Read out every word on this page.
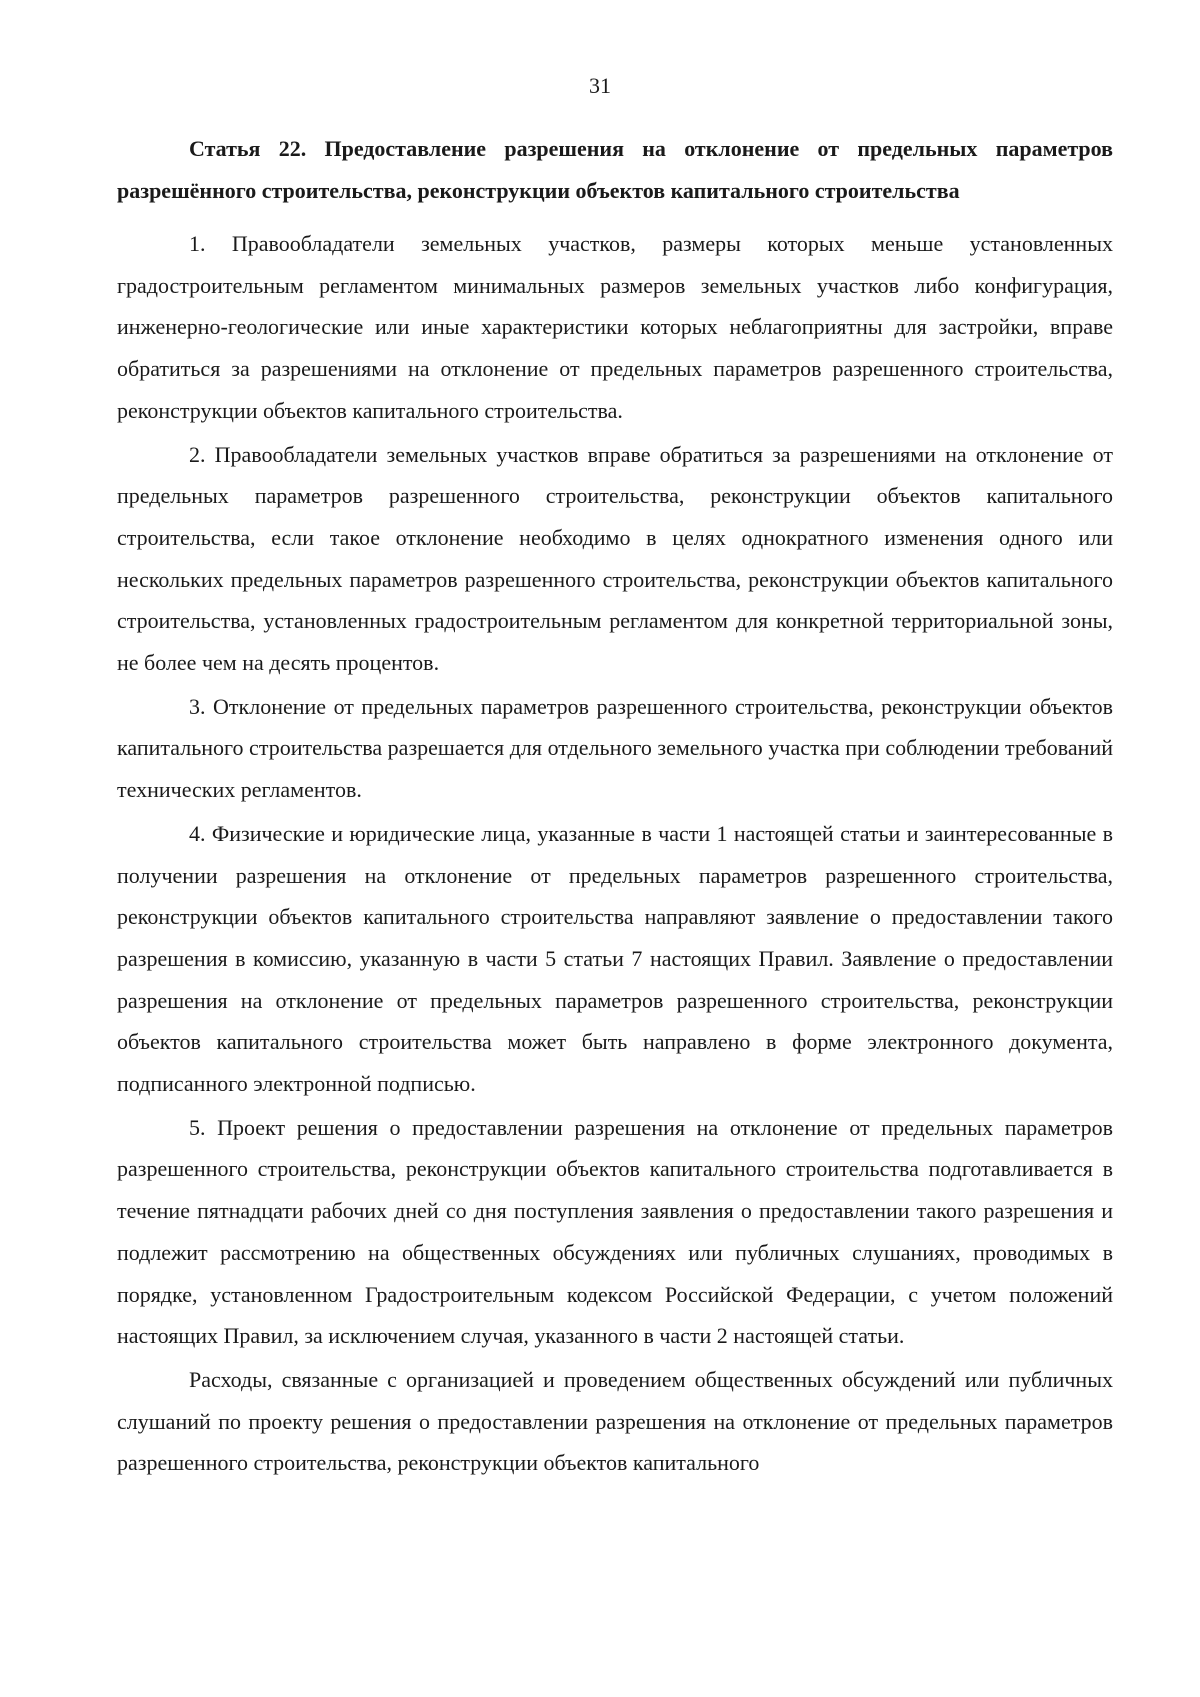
31

Статья 22. Предоставление разрешения на отклонение от предельных параметров разрешённого строительства, реконструкции объектов капитального строительства

1. Правообладатели земельных участков, размеры которых меньше установленных градостроительным регламентом минимальных размеров земельных участков либо конфигурация, инженерно-геологические или иные характеристики которых неблагоприятны для застройки, вправе обратиться за разрешениями на отклонение от предельных параметров разрешенного строительства, реконструкции объектов капитального строительства.

2. Правообладатели земельных участков вправе обратиться за разрешениями на отклонение от предельных параметров разрешенного строительства, реконструкции объектов капитального строительства, если такое отклонение необходимо в целях однократного изменения одного или нескольких предельных параметров разрешенного строительства, реконструкции объектов капитального строительства, установленных градостроительным регламентом для конкретной территориальной зоны, не более чем на десять процентов.

3. Отклонение от предельных параметров разрешенного строительства, реконструкции объектов капитального строительства разрешается для отдельного земельного участка при соблюдении требований технических регламентов.

4. Физические и юридические лица, указанные в части 1 настоящей статьи и заинтересованные в получении разрешения на отклонение от предельных параметров разрешенного строительства, реконструкции объектов капитального строительства направляют заявление о предоставлении такого разрешения в комиссию, указанную в части 5 статьи 7 настоящих Правил. Заявление о предоставлении разрешения на отклонение от предельных параметров разрешенного строительства, реконструкции объектов капитального строительства может быть направлено в форме электронного документа, подписанного электронной подписью.

5. Проект решения о предоставлении разрешения на отклонение от предельных параметров разрешенного строительства, реконструкции объектов капитального строительства подготавливается в течение пятнадцати рабочих дней со дня поступления заявления о предоставлении такого разрешения и подлежит рассмотрению на общественных обсуждениях или публичных слушаниях, проводимых в порядке, установленном Градостроительным кодексом Российской Федерации, с учетом положений настоящих Правил, за исключением случая, указанного в части 2 настоящей статьи.

Расходы, связанные с организацией и проведением общественных обсуждений или публичных слушаний по проекту решения о предоставлении разрешения на отклонение от предельных параметров разрешенного строительства, реконструкции объектов капитального
